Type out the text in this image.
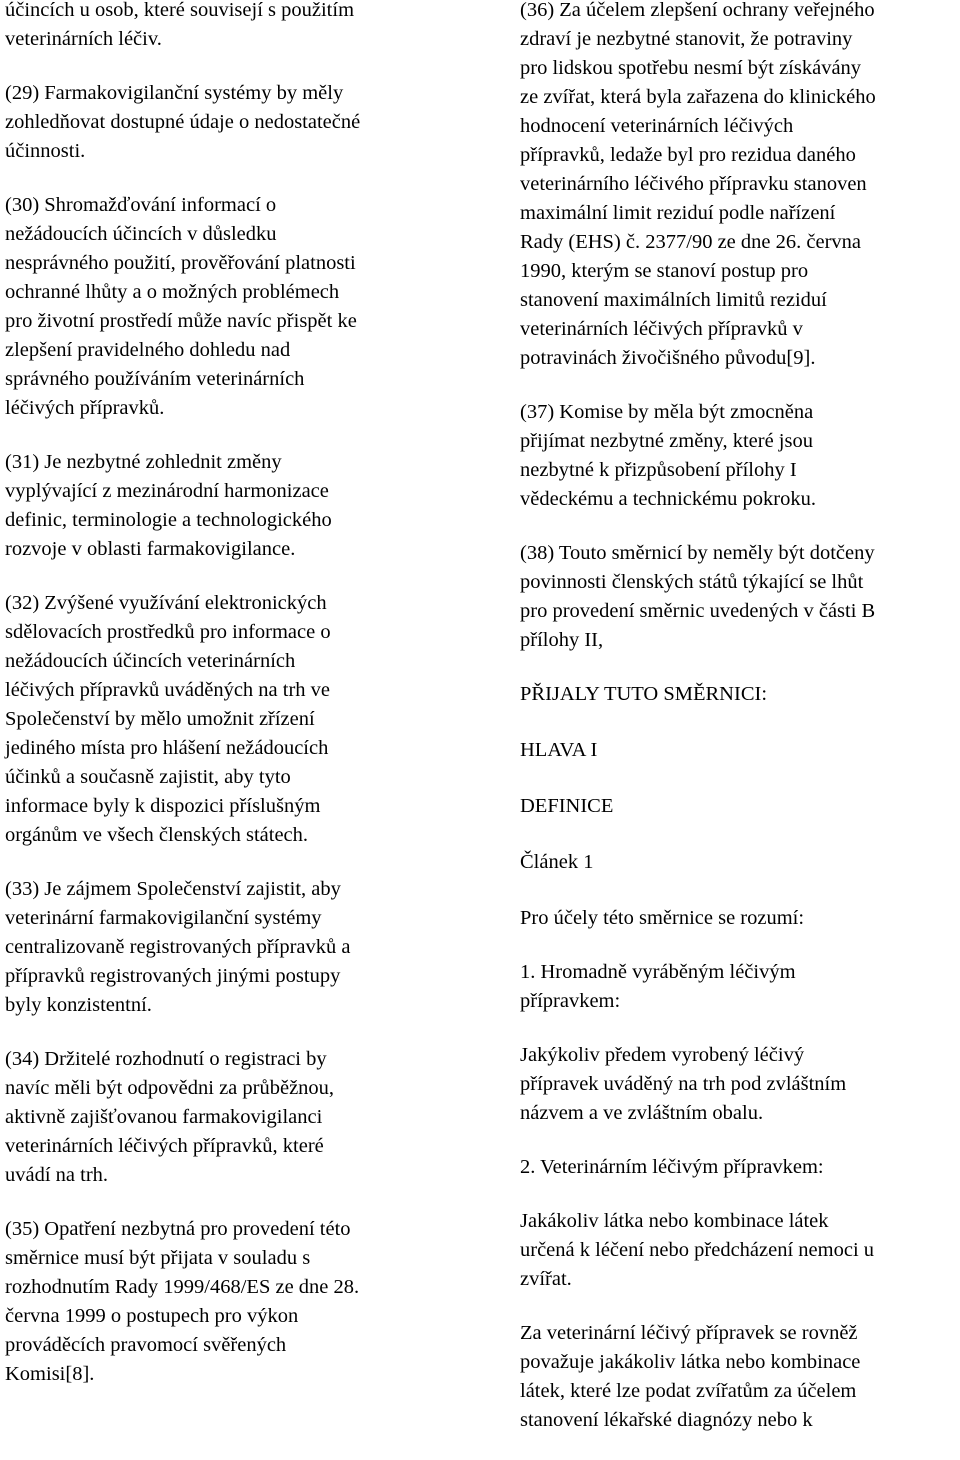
účincích u osob, které souvisejí s použitím
veterinárních léčiv.

(29) Farmakovigilanční systémy by měly
zohledňovat dostupné údaje o nedostatečné
účinnosti.

(30) Shromažďování informací o
nežádoucích účincích v důsledku
nesprávného použití, prověřování platnosti
ochranné lhůty a o možných problémech
pro životní prostředí může navíc přispět ke
zlepšení pravidelného dohledu nad
správného používáním veterinárních
léčivých přípravků.

(31) Je nezbytné zohlednit změny
vyplývající z mezinárodní harmonizace
definic, terminologie a technologického
rozvoje v oblasti farmakovigilance.

(32) Zvýšené využívání elektronických
sdělovacích prostředků pro informace o
nežádoucích účincích veterinárních
léčivých přípravků uváděných na trh ve
Společenství by mělo umožnit zřízení
jediného místa pro hlášení nežádoucích
účinků a současně zajistit, aby tyto
informace byly k dispozici příslušným
orgánům ve všech členských státech.

(33) Je zájmem Společenství zajistit, aby
veterinární farmakovigilanční systémy
centralizovaně registrovaných přípravků a
přípravků registrovaných jinými postupy
byly konzistentní.

(34) Držitelé rozhodnutí o registraci by
navíc měli být odpovědni za průběžnou,
aktivně zajišťovanou farmakovigilanci
veterinárních léčivých přípravků, které
uvádí na trh.

(35) Opatření nezbytná pro provedení této
směrnice musí být přijata v souladu s
rozhodnutím Rady 1999/468/ES ze dne 28.
června 1999 o postupech pro výkon
prováděcích pravomocí svěřených
Komisi[8].

(36) Za účelem zlepšení ochrany veřejného
zdraví je nezbytné stanovit, že potraviny
pro lidskou spotřebu nesmí být získávány
ze zvířat, která byla zařazena do klinického
hodnocení veterinárních léčivých
přípravků, ledaže byl pro rezidua daného
veterinárního léčivého přípravku stanoven
maximální limit reziduí podle nařízení
Rady (EHS) č. 2377/90 ze dne 26. června
1990, kterým se stanoví postup pro
stanovení maximálních limitů reziduí
veterinárních léčivých přípravků v
potravinách živočišného původu[9].

(37) Komise by měla být zmocněna
přijímat nezbytné změny, které jsou
nezbytné k přizpůsobení přílohy I
vědeckému a technickému pokroku.

(38) Touto směrnicí by neměly být dotčeny
povinnosti členských států týkající se lhůt
pro provedení směrnic uvedených v části B
přílohy II,

PŘIJALY TUTO SMĚRNICI:

HLAVA I

DEFINICE

Článek 1

Pro účely této směrnice se rozumí:

1. Hromadně vyráběným léčivým
přípravkem:

Jakýkoliv předem vyrobený léčivý
přípravek uváděný na trh pod zvláštním
názvem a ve zvláštním obalu.

2. Veterinárním léčivým přípravkem:

Jakákoliv látka nebo kombinace látek
určená k léčení nebo předcházení nemoci u
zvířat.

Za veterinární léčivý přípravek se rovněž
považuje jakákoliv látka nebo kombinace
látek, které lze podat zvířatům za účelem
stanovení lékařské diagnózy nebo k
